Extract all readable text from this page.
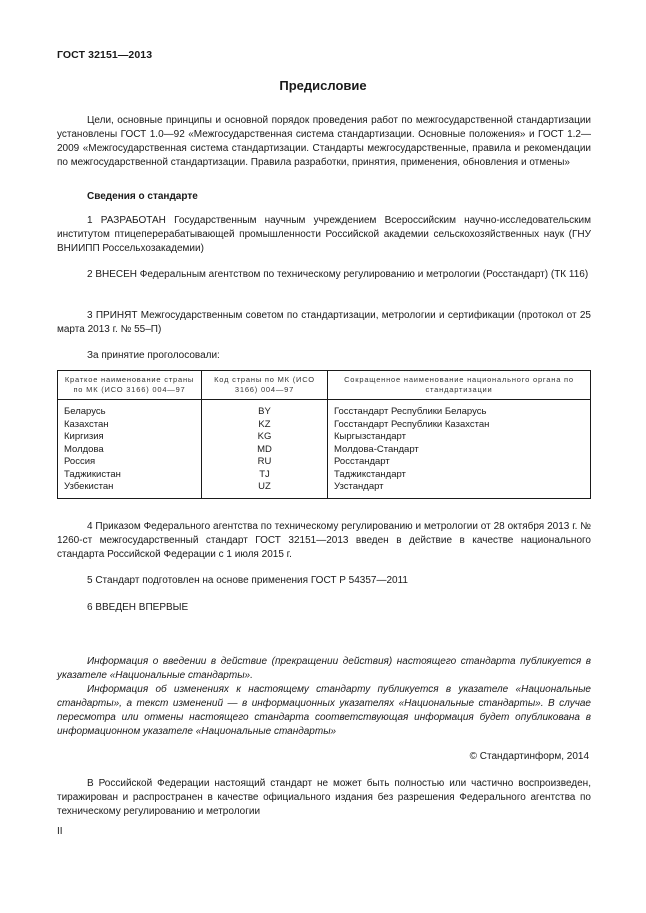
ГОСТ 32151—2013
Предисловие

Цели, основные принципы и основной порядок проведения работ по межгосударственной стандартизации установлены ГОСТ 1.0—92 «Межгосударственная система стандартизации. Основные положения» и ГОСТ 1.2—2009 «Межгосударственная система стандартизации. Стандарты межгосударственные, правила и рекомендации по межгосударственной стандартизации. Правила разработки, принятия, применения, обновления и отмены»

Сведения о стандарте

1 РАЗРАБОТАН Государственным научным учреждением Всероссийским научно-исследовательским институтом птицеперерабатывающей промышленности Российской академии сельскохозяйственных наук (ГНУ ВНИИПП Россельхозакадемии)

2 ВНЕСЕН Федеральным агентством по техническому регулированию и метрологии (Росстандарт) (ТК 116)

3 ПРИНЯТ Межгосударственным советом по стандартизации, метрологии и сертификации (протокол от 25 марта 2013 г. № 55–П)

За принятие проголосовали:
Краткое наименование страны по МК (ИСО 3166) 004—97	Код страны по МК (ИСО 3166) 004—97	Сокращенное наименование национального органа по стандартизации
Беларусь	BY	Госстандарт Республики Беларусь
Казахстан	KZ	Госстандарт Республики Казахстан
Киргизия	KG	Кыргызстандарт
Молдова	MD	Молдова-Стандарт
Россия	RU	Росстандарт
Таджикистан	TJ	Таджикстандарт
Узбекистан	UZ	Узстандарт

4 Приказом Федерального агентства по техническому регулированию и метрологии от 28 октября 2013 г. № 1260-ст межгосударственный стандарт ГОСТ 32151—2013 введен в действие в качестве национального стандарта Российской Федерации с 1 июля 2015 г.

5 Стандарт подготовлен на основе применения ГОСТ Р 54357—2011

6 ВВЕДЕН ВПЕРВЫЕ

Информация о введении в действие (прекращении действия) настоящего стандарта публикуется в указателе «Национальные стандарты».

Информация об изменениях к настоящему стандарту публикуется в указателе «Национальные стандарты», а текст изменений — в информационных указателях «Национальные стандарты». В случае пересмотра или отмены настоящего стандарта соответствующая информация будет опубликована в информационном указателе «Национальные стандарты»

© Стандартинформ, 2014

В Российской Федерации настоящий стандарт не может быть полностью или частично воспроизведен, тиражирован и распространен в качестве официального издания без разрешения Федерального агентства по техническому регулированию и метрологии

II
